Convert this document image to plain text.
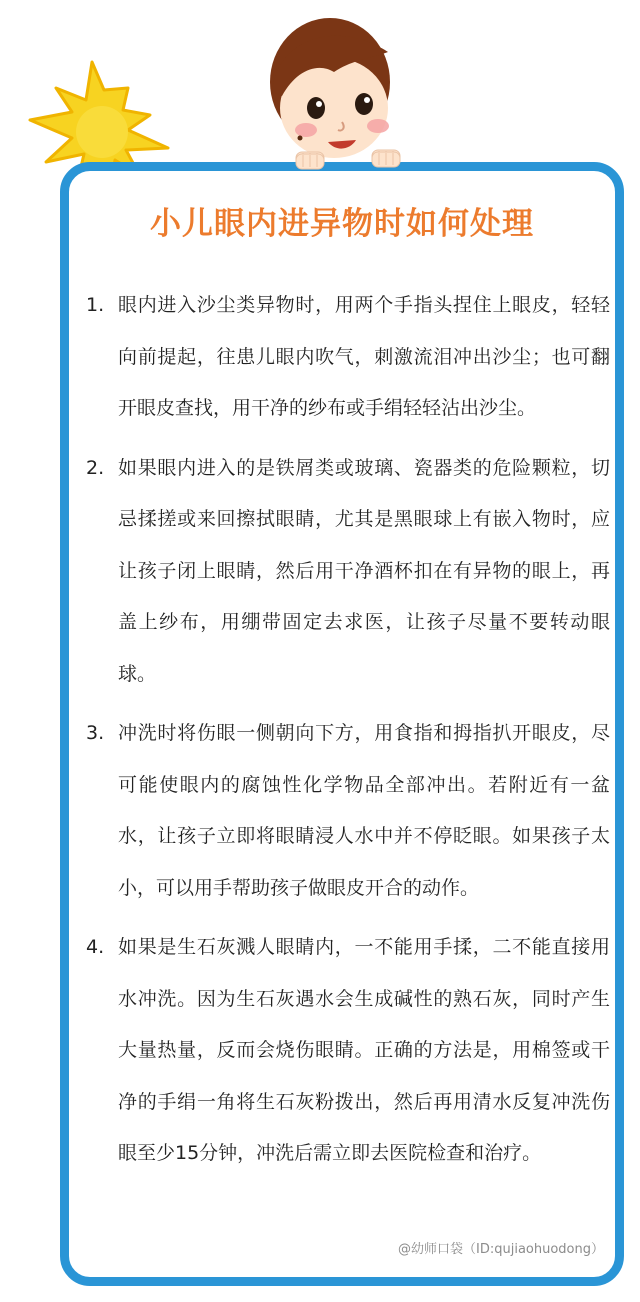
小儿眼内进异物时如何处理
1. 眼内进入沙尘类异物时，用两个手指头捏住上眼皮，轻轻向前提起，往患儿眼内吹气，刺激流泪冲出沙尘；也可翻开眼皮查找，用干净的纱布或手绢轻轻沾出沙尘。
2. 如果眼内进入的是铁屑类或玻璃、瓷器类的危险颗粒，切忌揉搓或来回擦拭眼睛，尤其是黑眼球上有嵌入物时，应让孩子闭上眼睛，然后用干净酒杯扣在有异物的眼上，再盖上纱布，用绷带固定去求医，让孩子尽量不要转动眼球。
3. 冲洗时将伤眼一侧朝向下方，用食指和拇指扒开眼皮，尽可能使眼内的腐蚀性化学物品全部冲出。若附近有一盆水，让孩子立即将眼睛浸人水中并不停眨眼。如果孩子太小，可以用手帮助孩子做眼皮开合的动作。
4. 如果是生石灰溅人眼睛内，一不能用手揉，二不能直接用水冲洗。因为生石灰遇水会生成碱性的熟石灰，同时产生大量热量，反而会烧伤眼睛。正确的方法是，用棉签或干净的手绢一角将生石灰粉拨出，然后再用清水反复冲洗伤眼至少15分钟，冲洗后需立即去医院检查和治疗。
@幼师口袋（ID:qujiaohuodong）
